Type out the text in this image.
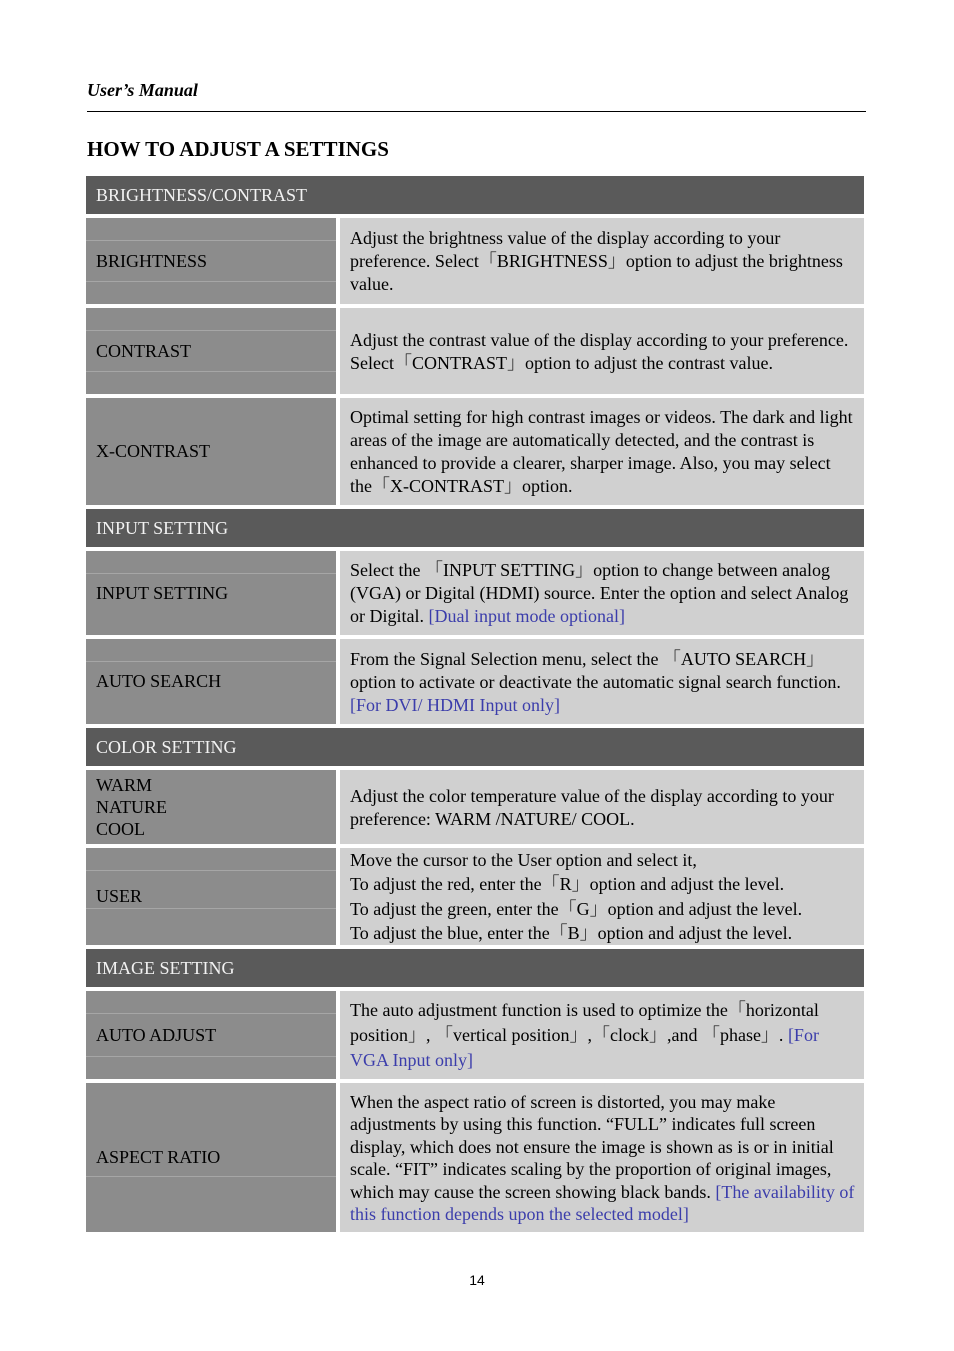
User’s Manual
HOW TO ADJUST A SETTINGS
BRIGHTNESS/CONTRAST
BRIGHTNESS
Adjust the brightness value of the display according to your preference. Select「BRIGHTNESS」option to adjust the brightness value.
CONTRAST
Adjust the contrast value of the display according to your preference. Select「CONTRAST」option to adjust the contrast value.
X-CONTRAST
Optimal setting for high contrast images or videos. The dark and light areas of the image are automatically detected, and the contrast is enhanced to provide a clearer, sharper image. Also, you may select the「X-CONTRAST」option.
INPUT SETTING
INPUT SETTING
Select the 「INPUT SETTING」option to change between analog (VGA) or Digital (HDMI) source. Enter the option and select Analog or Digital. [Dual input mode optional]
AUTO SEARCH
From the Signal Selection menu, select the 「AUTO SEARCH」option to activate or deactivate the automatic signal search function. [For DVI/ HDMI Input only]
COLOR SETTING
WARM
NATURE
COOL
Adjust the color temperature value of the display according to your preference: WARM /NATURE/ COOL.
USER
Move the cursor to the User option and select it,
To adjust the red, enter the「R」option and adjust the level.
To adjust the green, enter the「G」option and adjust the level.
To adjust the blue, enter the「B」option and adjust the level.
IMAGE SETTING
AUTO ADJUST
The auto adjustment function is used to optimize the「horizontal position」, 「vertical position」,「clock」,and 「phase」. [For VGA Input only]
ASPECT RATIO
When the aspect ratio of screen is distorted, you may make adjustments by using this function. “FULL” indicates full screen display, which does not ensure the image is shown as is or in initial scale. “FIT” indicates scaling by the proportion of original images, which may cause the screen showing black bands. [The availability of this function depends upon the selected model]
14
